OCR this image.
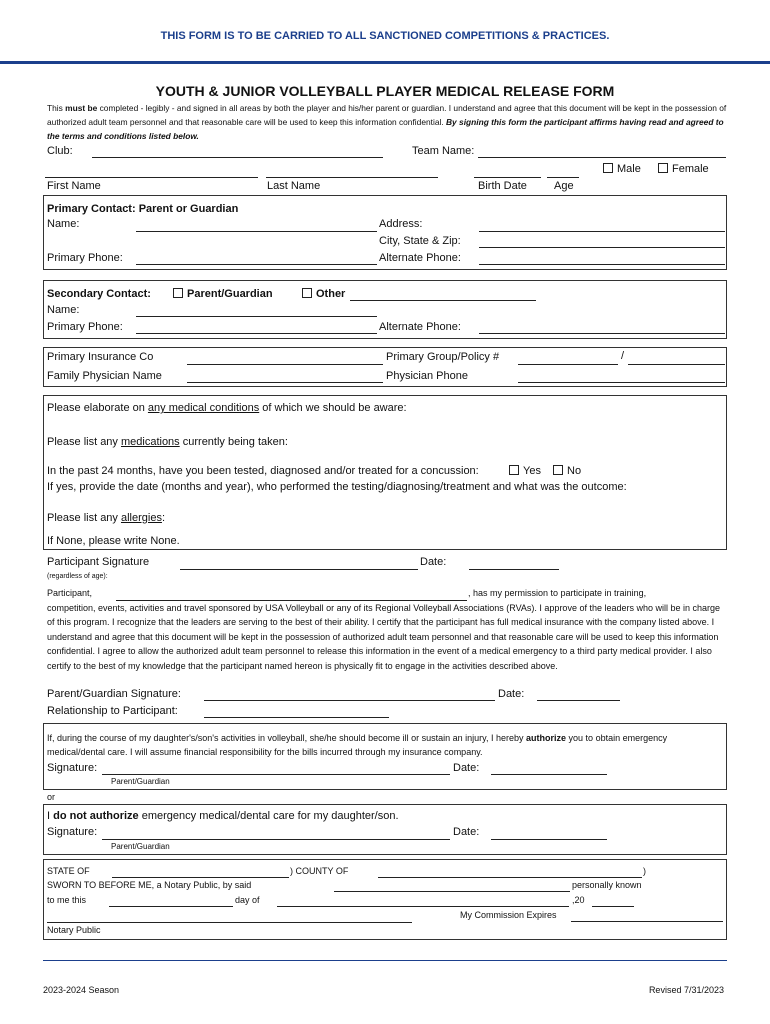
THIS FORM IS TO BE CARRIED TO ALL SANCTIONED COMPETITIONS & PRACTICES.
YOUTH & JUNIOR VOLLEYBALL PLAYER MEDICAL RELEASE FORM
This must be completed - legibly - and signed in all areas by both the player and his/her parent or guardian. I understand and agree that this document will be kept in the possession of authorized adult team personnel and that reasonable care will be used to keep this information confidential. By signing this form the participant affirms having read and agreed to the terms and conditions listed below.
Club:	Team Name:
Male	Female
First Name	Last Name	Birth Date Age
Primary Contact: Parent or Guardian
Name:	Address:
City, State & Zip:
Primary Phone:	Alternate Phone:
Secondary Contact:	Parent/Guardian	Other
Name:
Primary Phone:	Alternate Phone:
Primary Insurance Co	Primary Group/Policy #	/
Family Physician Name	Physician Phone
Please elaborate on any medical conditions of which we should be aware:
Please list any medications currently being taken:
In the past 24 months, have you been tested, diagnosed and/or treated for a concussion:	Yes	No
If yes, provide the date (months and year), who performed the testing/diagnosing/treatment and what was the outcome:
Please list any allergies:
If None, please write None.
Participant Signature	Date:
(regardless of age):
Participant,	, has my permission to participate in training,
competition, events, activities and travel sponsored by USA Volleyball or any of its Regional Volleyball Associations (RVAs). I approve of the leaders who will be in charge of this program. I recognize that the leaders are serving to the best of their ability. I certify that the participant has full medical insurance with the company listed above. I understand and agree that this document will be kept in the possession of authorized adult team personnel and that reasonable care will be used to keep this information confidential. I agree to allow the authorized adult team personnel to release this information in the event of a medical emergency to a third party medical provider. I also certify to the best of my knowledge that the participant named hereon is physically fit to engage in the activities described above.
Parent/Guardian Signature:	Date:
Relationship to Participant:
If, during the course of my daughter's/son's activities in volleyball, she/he should become ill or sustain an injury, I hereby authorize you to obtain emergency medical/dental care. I will assume financial responsibility for the bills incurred through my insurance company.
Signature:	Date:
Parent/Guardian
or
I do not authorize emergency medical/dental care for my daughter/son.
Signature:	Date:
Parent/Guardian
STATE OF	) COUNTY OF	)
SWORN TO BEFORE ME, a Notary Public, by said	personally known
to me this	day of	,20
My Commission Expires
Notary Public
2023-2024 Season	Revised 7/31/2023
